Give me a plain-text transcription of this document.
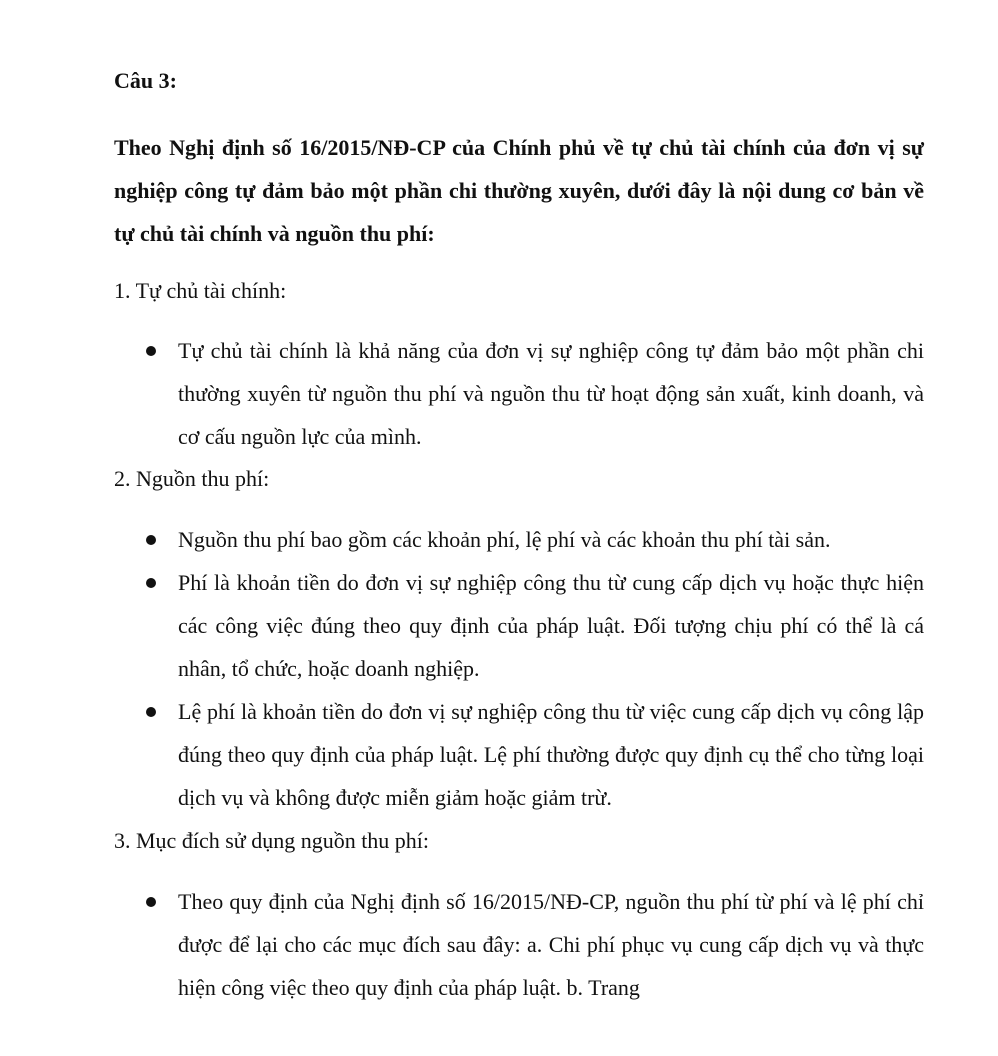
Câu 3:

Theo Nghị định số 16/2015/NĐ-CP của Chính phủ về tự chủ tài chính của đơn vị sự nghiệp công tự đảm bảo một phần chi thường xuyên, dưới đây là nội dung cơ bản về tự chủ tài chính và nguồn thu phí:

1. Tự chủ tài chính:

Tự chủ tài chính là khả năng của đơn vị sự nghiệp công tự đảm bảo một phần chi thường xuyên từ nguồn thu phí và nguồn thu từ hoạt động sản xuất, kinh doanh, và cơ cấu nguồn lực của mình.

2. Nguồn thu phí:

Nguồn thu phí bao gồm các khoản phí, lệ phí và các khoản thu phí tài sản.
Phí là khoản tiền do đơn vị sự nghiệp công thu từ cung cấp dịch vụ hoặc thực hiện các công việc đúng theo quy định của pháp luật. Đối tượng chịu phí có thể là cá nhân, tổ chức, hoặc doanh nghiệp.
Lệ phí là khoản tiền do đơn vị sự nghiệp công thu từ việc cung cấp dịch vụ công lập đúng theo quy định của pháp luật. Lệ phí thường được quy định cụ thể cho từng loại dịch vụ và không được miễn giảm hoặc giảm trừ.

3. Mục đích sử dụng nguồn thu phí:

Theo quy định của Nghị định số 16/2015/NĐ-CP, nguồn thu phí từ phí và lệ phí chỉ được để lại cho các mục đích sau đây: a. Chi phí phục vụ cung cấp dịch vụ và thực hiện công việc theo quy định của pháp luật. b. Trang
